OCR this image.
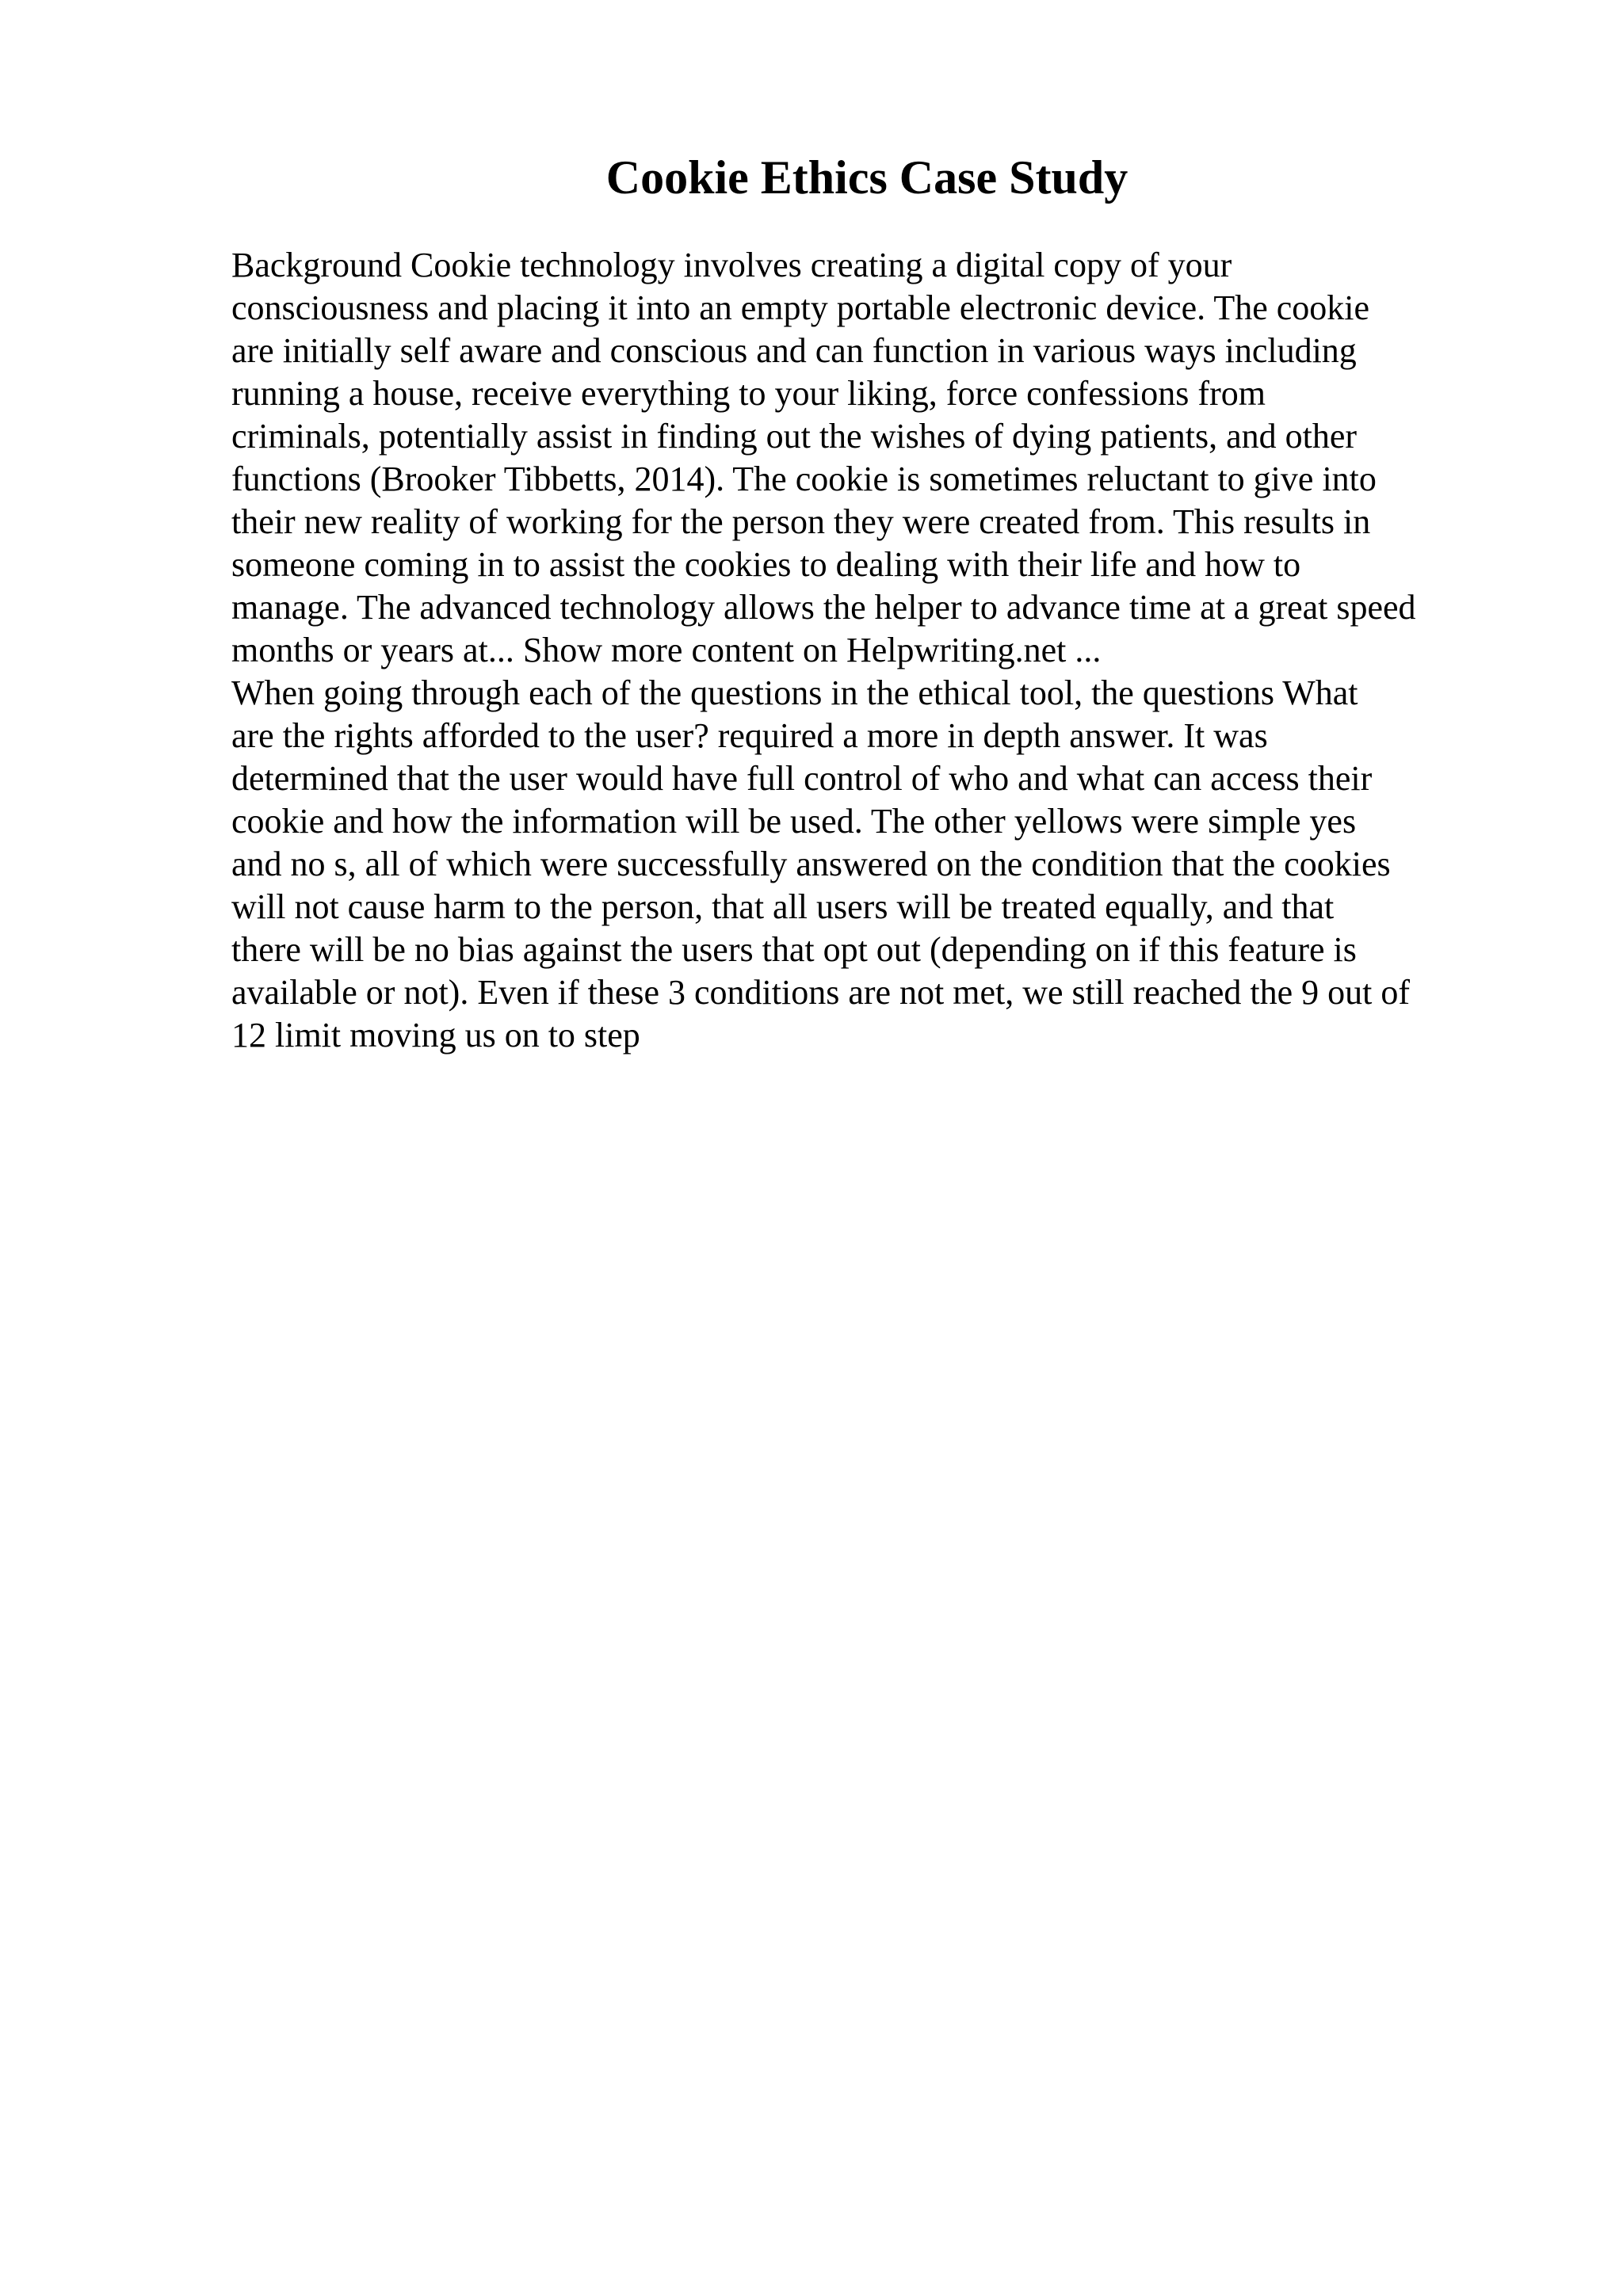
Cookie Ethics Case Study
Background Cookie technology involves creating a digital copy of your
consciousness and placing it into an empty portable electronic device. The cookie
are initially self aware and conscious and can function in various ways including
running a house, receive everything to your liking, force confessions from
criminals, potentially assist in finding out the wishes of dying patients, and other
functions (Brooker Tibbetts, 2014). The cookie is sometimes reluctant to give into
their new reality of working for the person they were created from. This results in
someone coming in to assist the cookies to dealing with their life and how to
manage. The advanced technology allows the helper to advance time at a great speed
months or years at... Show more content on Helpwriting.net ...
When going through each of the questions in the ethical tool, the questions What
are the rights afforded to the user? required a more in depth answer. It was
determined that the user would have full control of who and what can access their
cookie and how the information will be used. The other yellows were simple yes
and no s, all of which were successfully answered on the condition that the cookies
will not cause harm to the person, that all users will be treated equally, and that
there will be no bias against the users that opt out (depending on if this feature is
available or not). Even if these 3 conditions are not met, we still reached the 9 out of
12 limit moving us on to step
